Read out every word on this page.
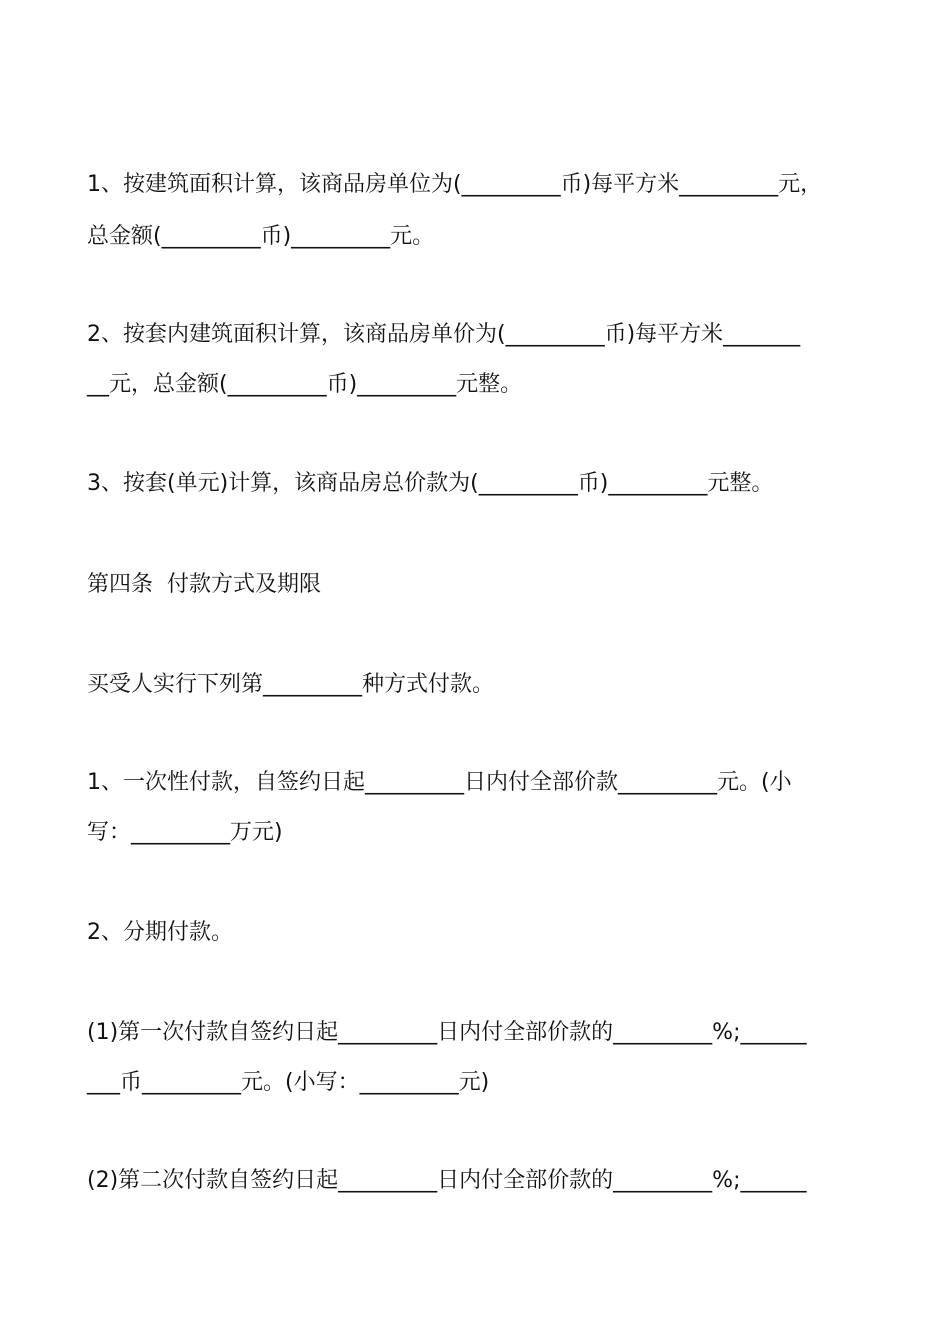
1、按建筑面积计算，该商品房单位为(_________币)每平方米_________元，

总金额(_________币)_________元。

2、按套内建筑面积计算，该商品房单价为(_________币)每平方米_______

__元，总金额(_________币)_________元整。

3、按套(单元)计算，该商品房总价款为(_________币)_________元整。

第四条  付款方式及期限

买受人实行下列第_________种方式付款。

1、一次性付款，自签约日起_________日内付全部价款_________元。(小

写：_________万元)

2、分期付款。

(1)第一次付款自签约日起_________日内付全部价款的_________%;______

___币_________元。(小写：_________元)

(2)第二次付款自签约日起_________日内付全部价款的_________%;______
